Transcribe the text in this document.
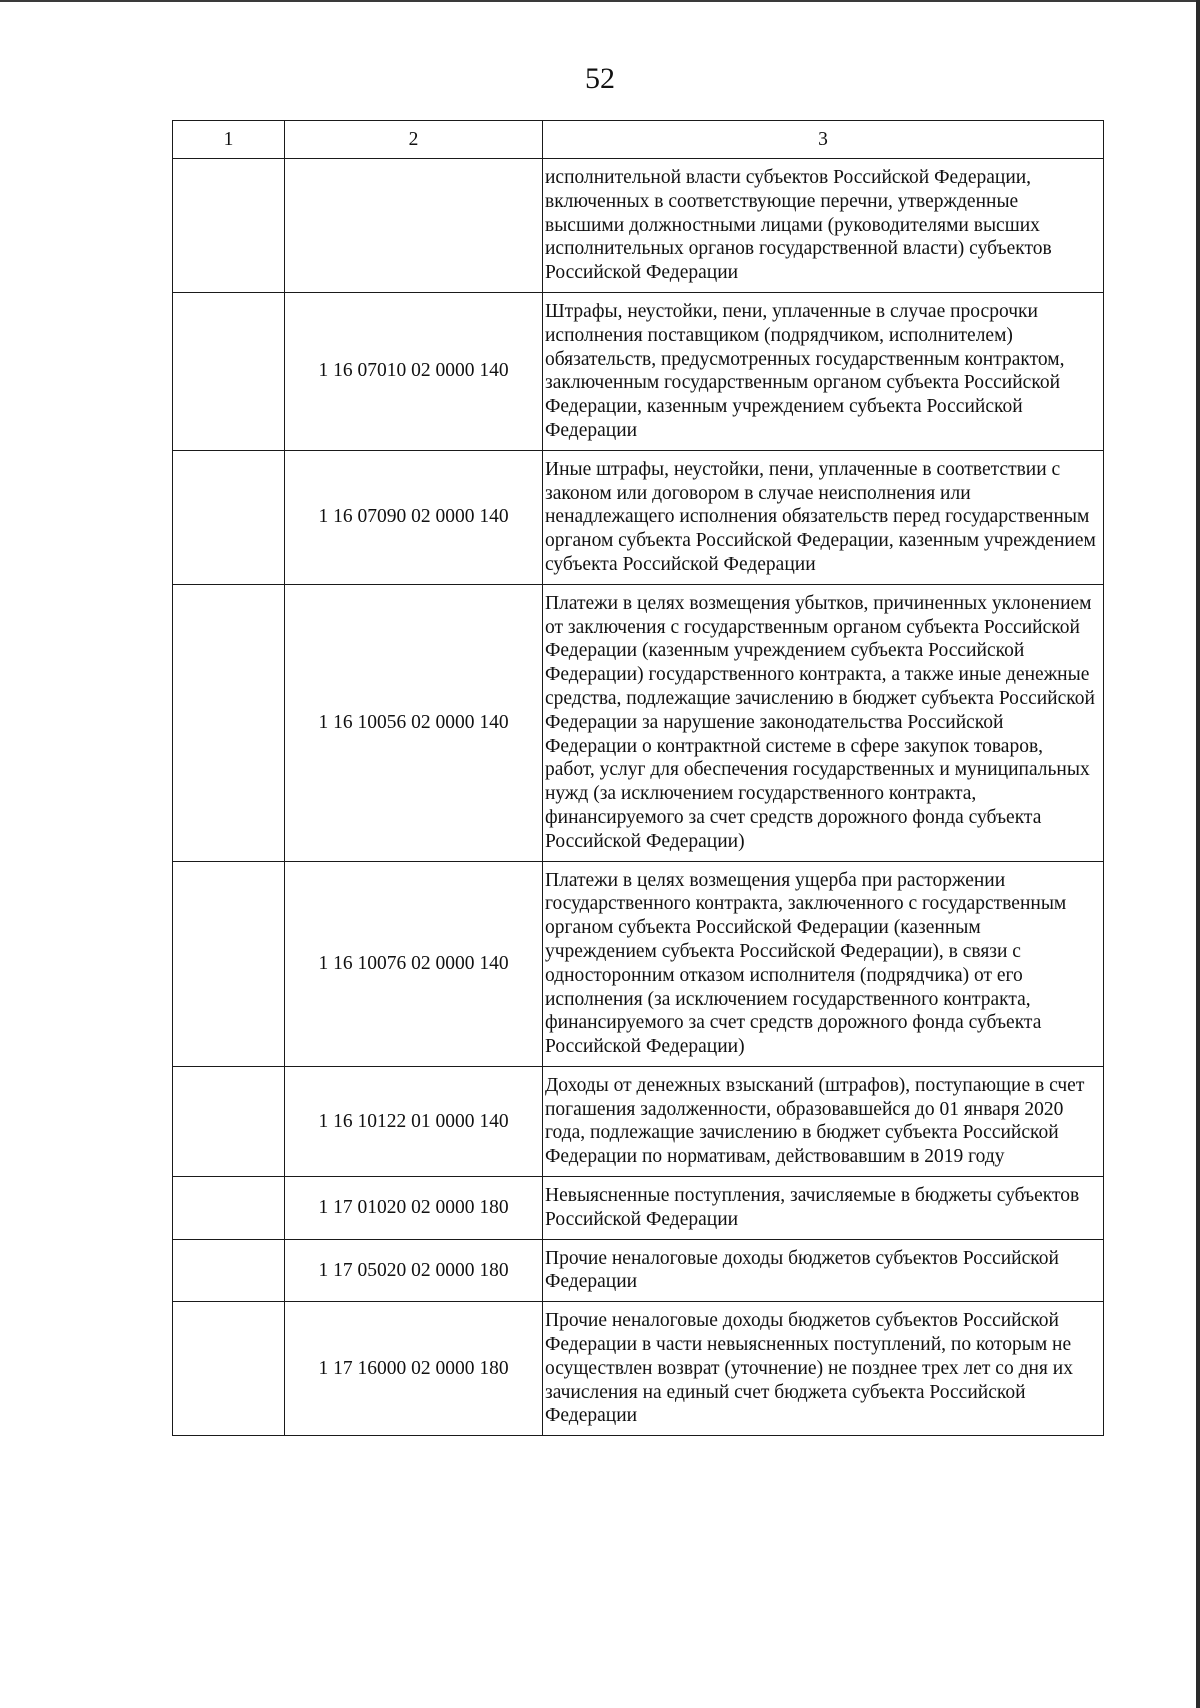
52
1	2	3
		исполнительной власти субъектов Российской Федерации, включенных в соответствующие перечни, утвержденные высшими должностными лицами (руководителями высших исполнительных органов государственной власти) субъектов Российской Федерации
	1 16 07010 02 0000 140	Штрафы, неустойки, пени, уплаченные в случае просрочки исполнения поставщиком (подрядчиком, исполнителем) обязательств, предусмотренных государственным контрактом, заключенным государственным органом субъекта Российской Федерации, казенным учреждением субъекта Российской Федерации
	1 16 07090 02 0000 140	Иные штрафы, неустойки, пени, уплаченные в соответствии с законом или договором в случае неисполнения или ненадлежащего исполнения обязательств перед государственным органом субъекта Российской Федерации, казенным учреждением субъекта Российской Федерации
	1 16 10056 02 0000 140	Платежи в целях возмещения убытков, причиненных уклонением от заключения с государственным органом субъекта Российской Федерации (казенным учреждением субъекта Российской Федерации) государственного контракта, а также иные денежные средства, подлежащие зачислению в бюджет субъекта Российской Федерации за нарушение законодательства Российской Федерации о контрактной системе в сфере закупок товаров, работ, услуг для обеспечения государственных и муниципальных нужд (за исключением государственного контракта, финансируемого за счет средств дорожного фонда субъекта Российской Федерации)
	1 16 10076 02 0000 140	Платежи в целях возмещения ущерба при расторжении государственного контракта, заключенного с государственным органом субъекта Российской Федерации (казенным учреждением субъекта Российской Федерации), в связи с односторонним отказом исполнителя (подрядчика) от его исполнения (за исключением государственного контракта, финансируемого за счет средств дорожного фонда субъекта Российской Федерации)
	1 16 10122 01 0000 140	Доходы от денежных взысканий (штрафов), поступающие в счет погашения задолженности, образовавшейся до 01 января 2020 года, подлежащие зачислению в бюджет субъекта Российской Федерации по нормативам, действовавшим в 2019 году
	1 17 01020 02 0000 180	Невыясненные поступления, зачисляемые в бюджеты субъектов Российской Федерации
	1 17 05020 02 0000 180	Прочие неналоговые доходы бюджетов субъектов Российской Федерации
	1 17 16000 02 0000 180	Прочие неналоговые доходы бюджетов субъектов Российской Федерации в части невыясненных поступлений, по которым не осуществлен возврат (уточнение) не позднее трех лет со дня их зачисления на единый счет бюджета субъекта Российской Федерации
